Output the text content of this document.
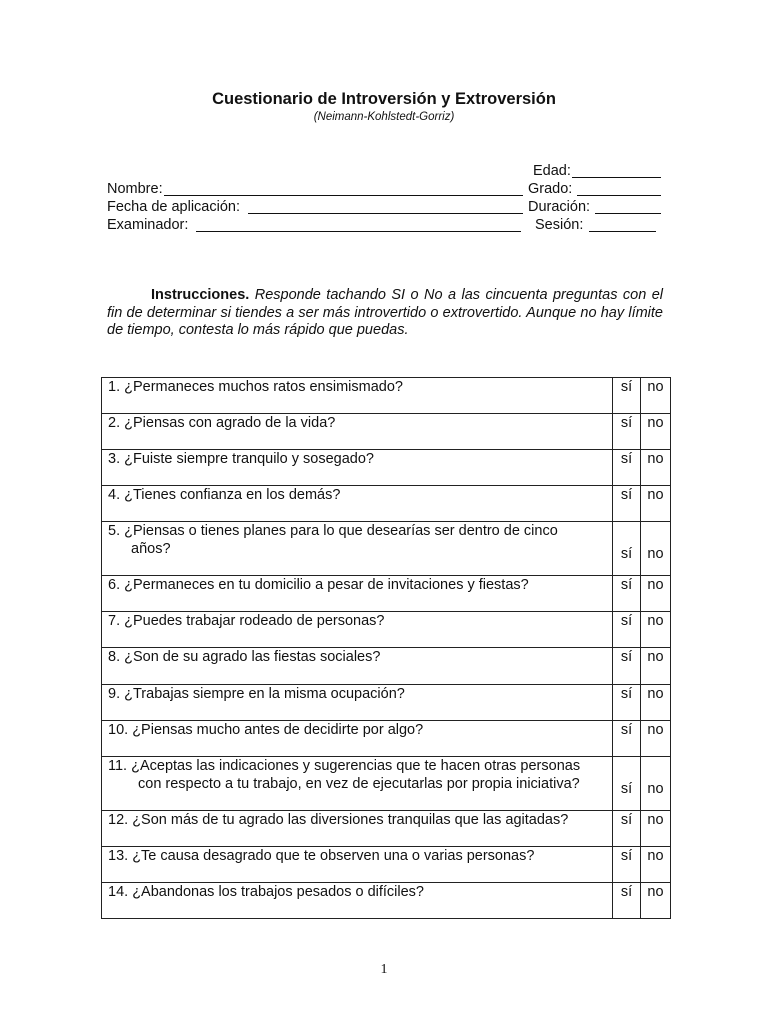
Cuestionario de Introversión y Extroversión
(Neimann-Kohlstedt-Gorriz)
Edad:
Nombre:	Grado:
Fecha de aplicación:	Duración:
Examinador:	Sesión:
Instrucciones. Responde tachando SI o No a las cincuenta preguntas con el fin de determinar si tiendes a ser más introvertido o extrovertido. Aunque no hay límite de tiempo, contesta lo más rápido que puedas.
1. ¿Permaneces muchos ratos ensimismado?	sí	no

2. ¿Piensas con agrado de la vida?	sí	no

3. ¿Fuiste siempre tranquilo y sosegado?	sí	no

4. ¿Tienes confianza en los demás?	sí	no

5. ¿Piensas o tienes planes para lo que desearías ser dentro de cinco
años?	sí	no

6. ¿Permaneces en tu domicilio a pesar de invitaciones y fiestas?	sí	no

7. ¿Puedes trabajar rodeado de personas?	sí	no

8. ¿Son de su agrado las fiestas sociales?	sí	no

9. ¿Trabajas siempre en la misma ocupación?	sí	no

10. ¿Piensas mucho antes de decidirte por algo?	sí	no

11. ¿Aceptas las indicaciones y sugerencias que te hacen otras personas
con respecto a tu trabajo, en vez de ejecutarlas por propia iniciativa?	sí	no

12. ¿Son más de tu agrado las diversiones tranquilas que las agitadas?	sí	no

13. ¿Te causa desagrado que te observen una o varias personas?	sí	no

14. ¿Abandonas los trabajos pesados o difíciles?	sí	no
1
